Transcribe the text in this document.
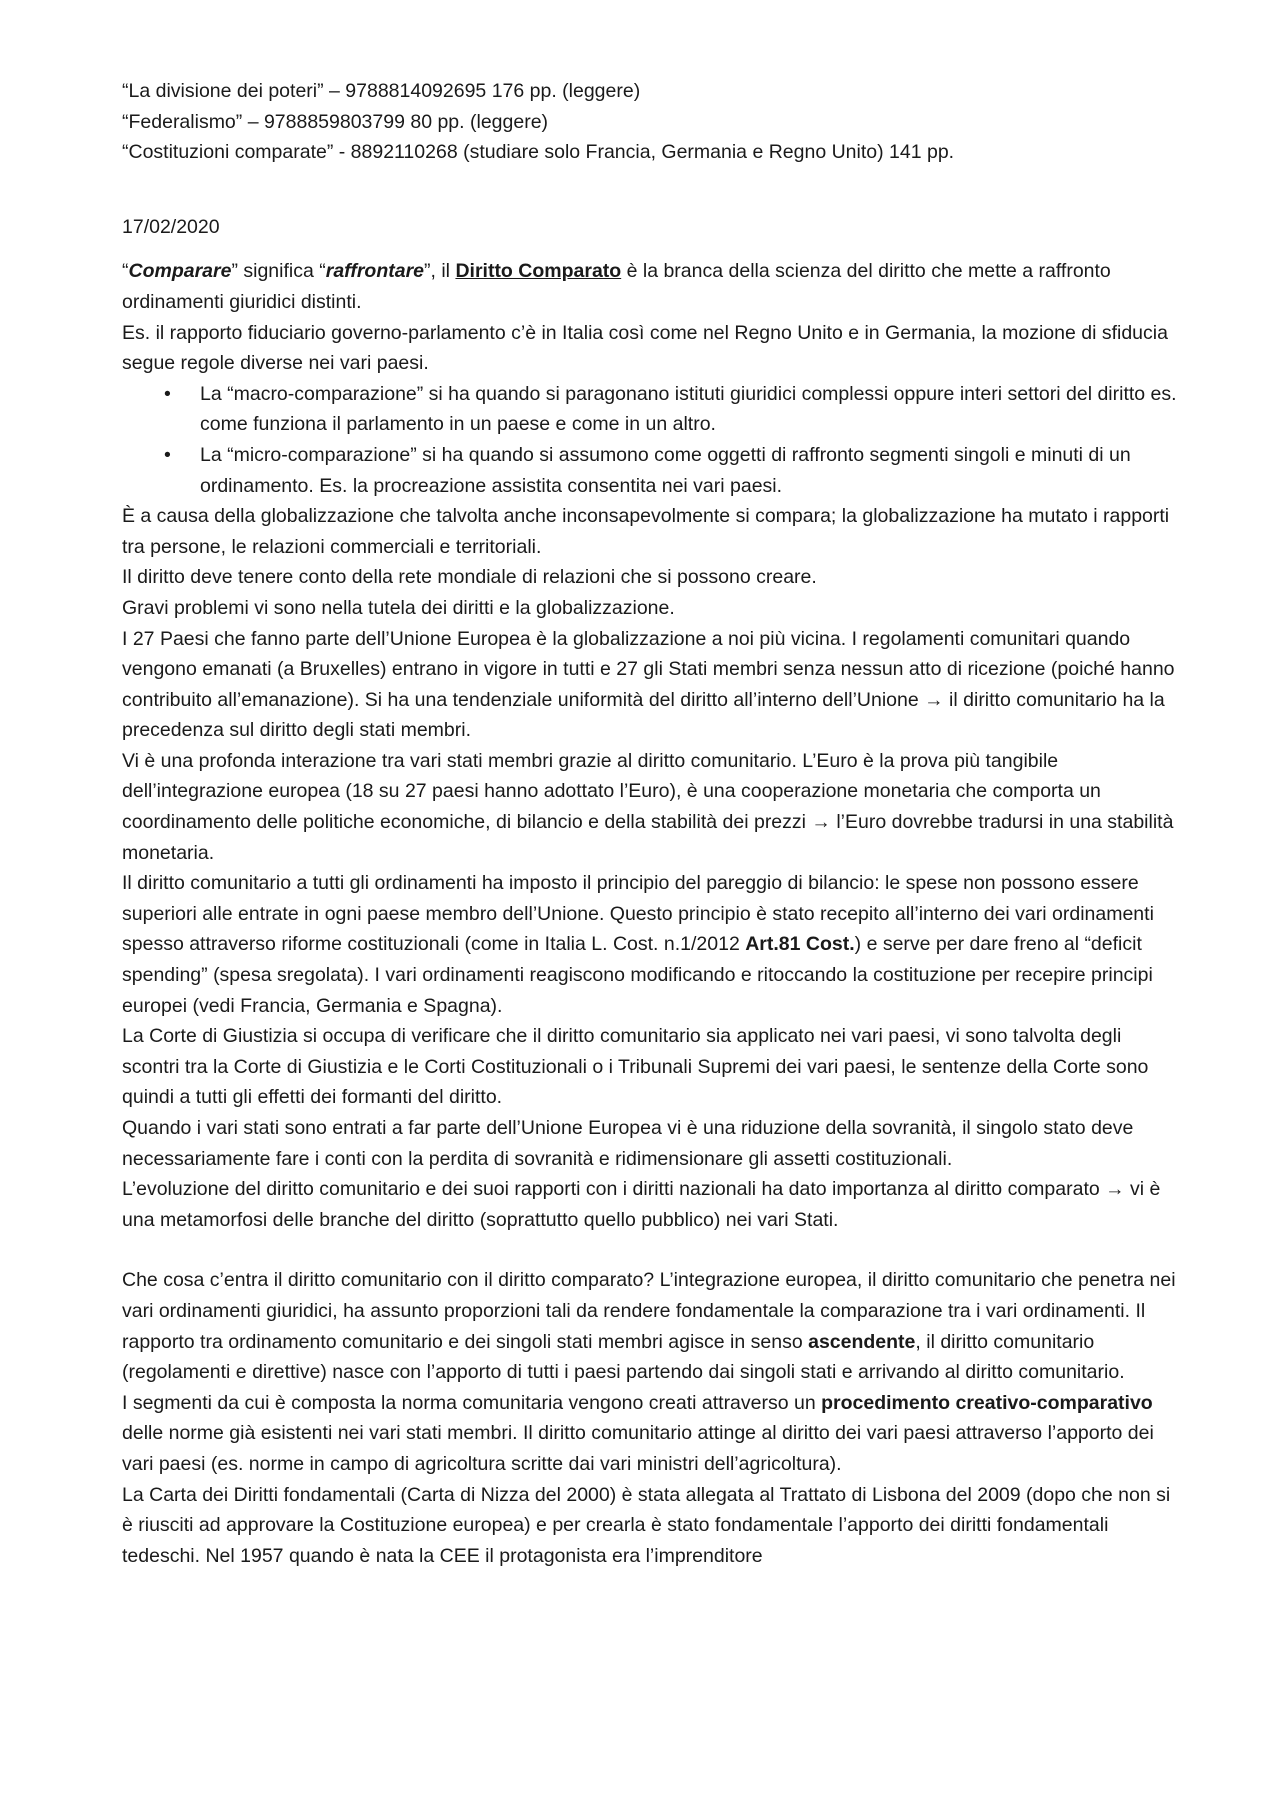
“La divisione dei poteri” – 9788814092695 176 pp. (leggere)

“Federalismo” – 9788859803799 80 pp. (leggere)

“Costituzioni comparate” - 8892110268 (studiare solo Francia, Germania e Regno Unito) 141 pp.

17/02/2020

“Comparare” significa “raffrontare”, il Diritto Comparato è la branca della scienza del diritto che mette a raffronto ordinamenti giuridici distinti.

Es. il rapporto fiduciario governo-parlamento c’è in Italia così come nel Regno Unito e in Germania, la mozione di sfiducia segue regole diverse nei vari paesi.

• La “macro-comparazione” si ha quando si paragonano istituti giuridici complessi oppure interi settori del diritto es. come funziona il parlamento in un paese e come in un altro.
• La “micro-comparazione” si ha quando si assumono come oggetti di raffronto segmenti singoli e minuti di un ordinamento. Es. la procreazione assistita consentita nei vari paesi.

È a causa della globalizzazione che talvolta anche inconsapevolmente si compara; la globalizzazione ha mutato i rapporti tra persone, le relazioni commerciali e territoriali.

Il diritto deve tenere conto della rete mondiale di relazioni che si possono creare.

Gravi problemi vi sono nella tutela dei diritti e la globalizzazione.

I 27 Paesi che fanno parte dell’Unione Europea è la globalizzazione a noi più vicina. I regolamenti comunitari quando vengono emanati (a Bruxelles) entrano in vigore in tutti e 27 gli Stati membri senza nessun atto di ricezione (poiché hanno contribuito all’emanazione). Si ha una tendenziale uniformità del diritto all’interno dell’Unione → il diritto comunitario ha la precedenza sul diritto degli stati membri.

Vi è una profonda interazione tra vari stati membri grazie al diritto comunitario. L’Euro è la prova più tangibile dell’integrazione europea (18 su 27 paesi hanno adottato l’Euro), è una cooperazione monetaria che comporta un coordinamento delle politiche economiche, di bilancio e della stabilità dei prezzi → l’Euro dovrebbe tradursi in una stabilità monetaria.

Il diritto comunitario a tutti gli ordinamenti ha imposto il principio del pareggio di bilancio: le spese non possono essere superiori alle entrate in ogni paese membro dell’Unione. Questo principio è stato recepito all’interno dei vari ordinamenti spesso attraverso riforme costituzionali (come in Italia L. Cost. n.1/2012 Art.81 Cost.) e serve per dare freno al “deficit spending” (spesa sregolata). I vari ordinamenti reagiscono modificando e ritoccando la costituzione per recepire principi europei (vedi Francia, Germania e Spagna).

La Corte di Giustizia si occupa di verificare che il diritto comunitario sia applicato nei vari paesi, vi sono talvolta degli scontri tra la Corte di Giustizia e le Corti Costituzionali o i Tribunali Supremi dei vari paesi, le sentenze della Corte sono quindi a tutti gli effetti dei formanti del diritto.

Quando i vari stati sono entrati a far parte dell’Unione Europea vi è una riduzione della sovranità, il singolo stato deve necessariamente fare i conti con la perdita di sovranità e ridimensionare gli assetti costituzionali.

L’evoluzione del diritto comunitario e dei suoi rapporti con i diritti nazionali ha dato importanza al diritto comparato → vi è una metamorfosi delle branche del diritto (soprattutto quello pubblico) nei vari Stati.

Che cosa c’entra il diritto comunitario con il diritto comparato? L’integrazione europea, il diritto comunitario che penetra nei vari ordinamenti giuridici, ha assunto proporzioni tali da rendere fondamentale la comparazione tra i vari ordinamenti. Il rapporto tra ordinamento comunitario e dei singoli stati membri agisce in senso ascendente, il diritto comunitario (regolamenti e direttive) nasce con l’apporto di tutti i paesi partendo dai singoli stati e arrivando al diritto comunitario.

I segmenti da cui è composta la norma comunitaria vengono creati attraverso un procedimento creativo-comparativo delle norme già esistenti nei vari stati membri. Il diritto comunitario attinge al diritto dei vari paesi attraverso l’apporto dei vari paesi (es. norme in campo di agricoltura scritte dai vari ministri dell’agricoltura).

La Carta dei Diritti fondamentali (Carta di Nizza del 2000) è stata allegata al Trattato di Lisbona del 2009 (dopo che non si è riusciti ad approvare la Costituzione europea) e per crearla è stato fondamentale l’apporto dei diritti fondamentali tedeschi. Nel 1957 quando è nata la CEE il protagonista era l’imprenditore
